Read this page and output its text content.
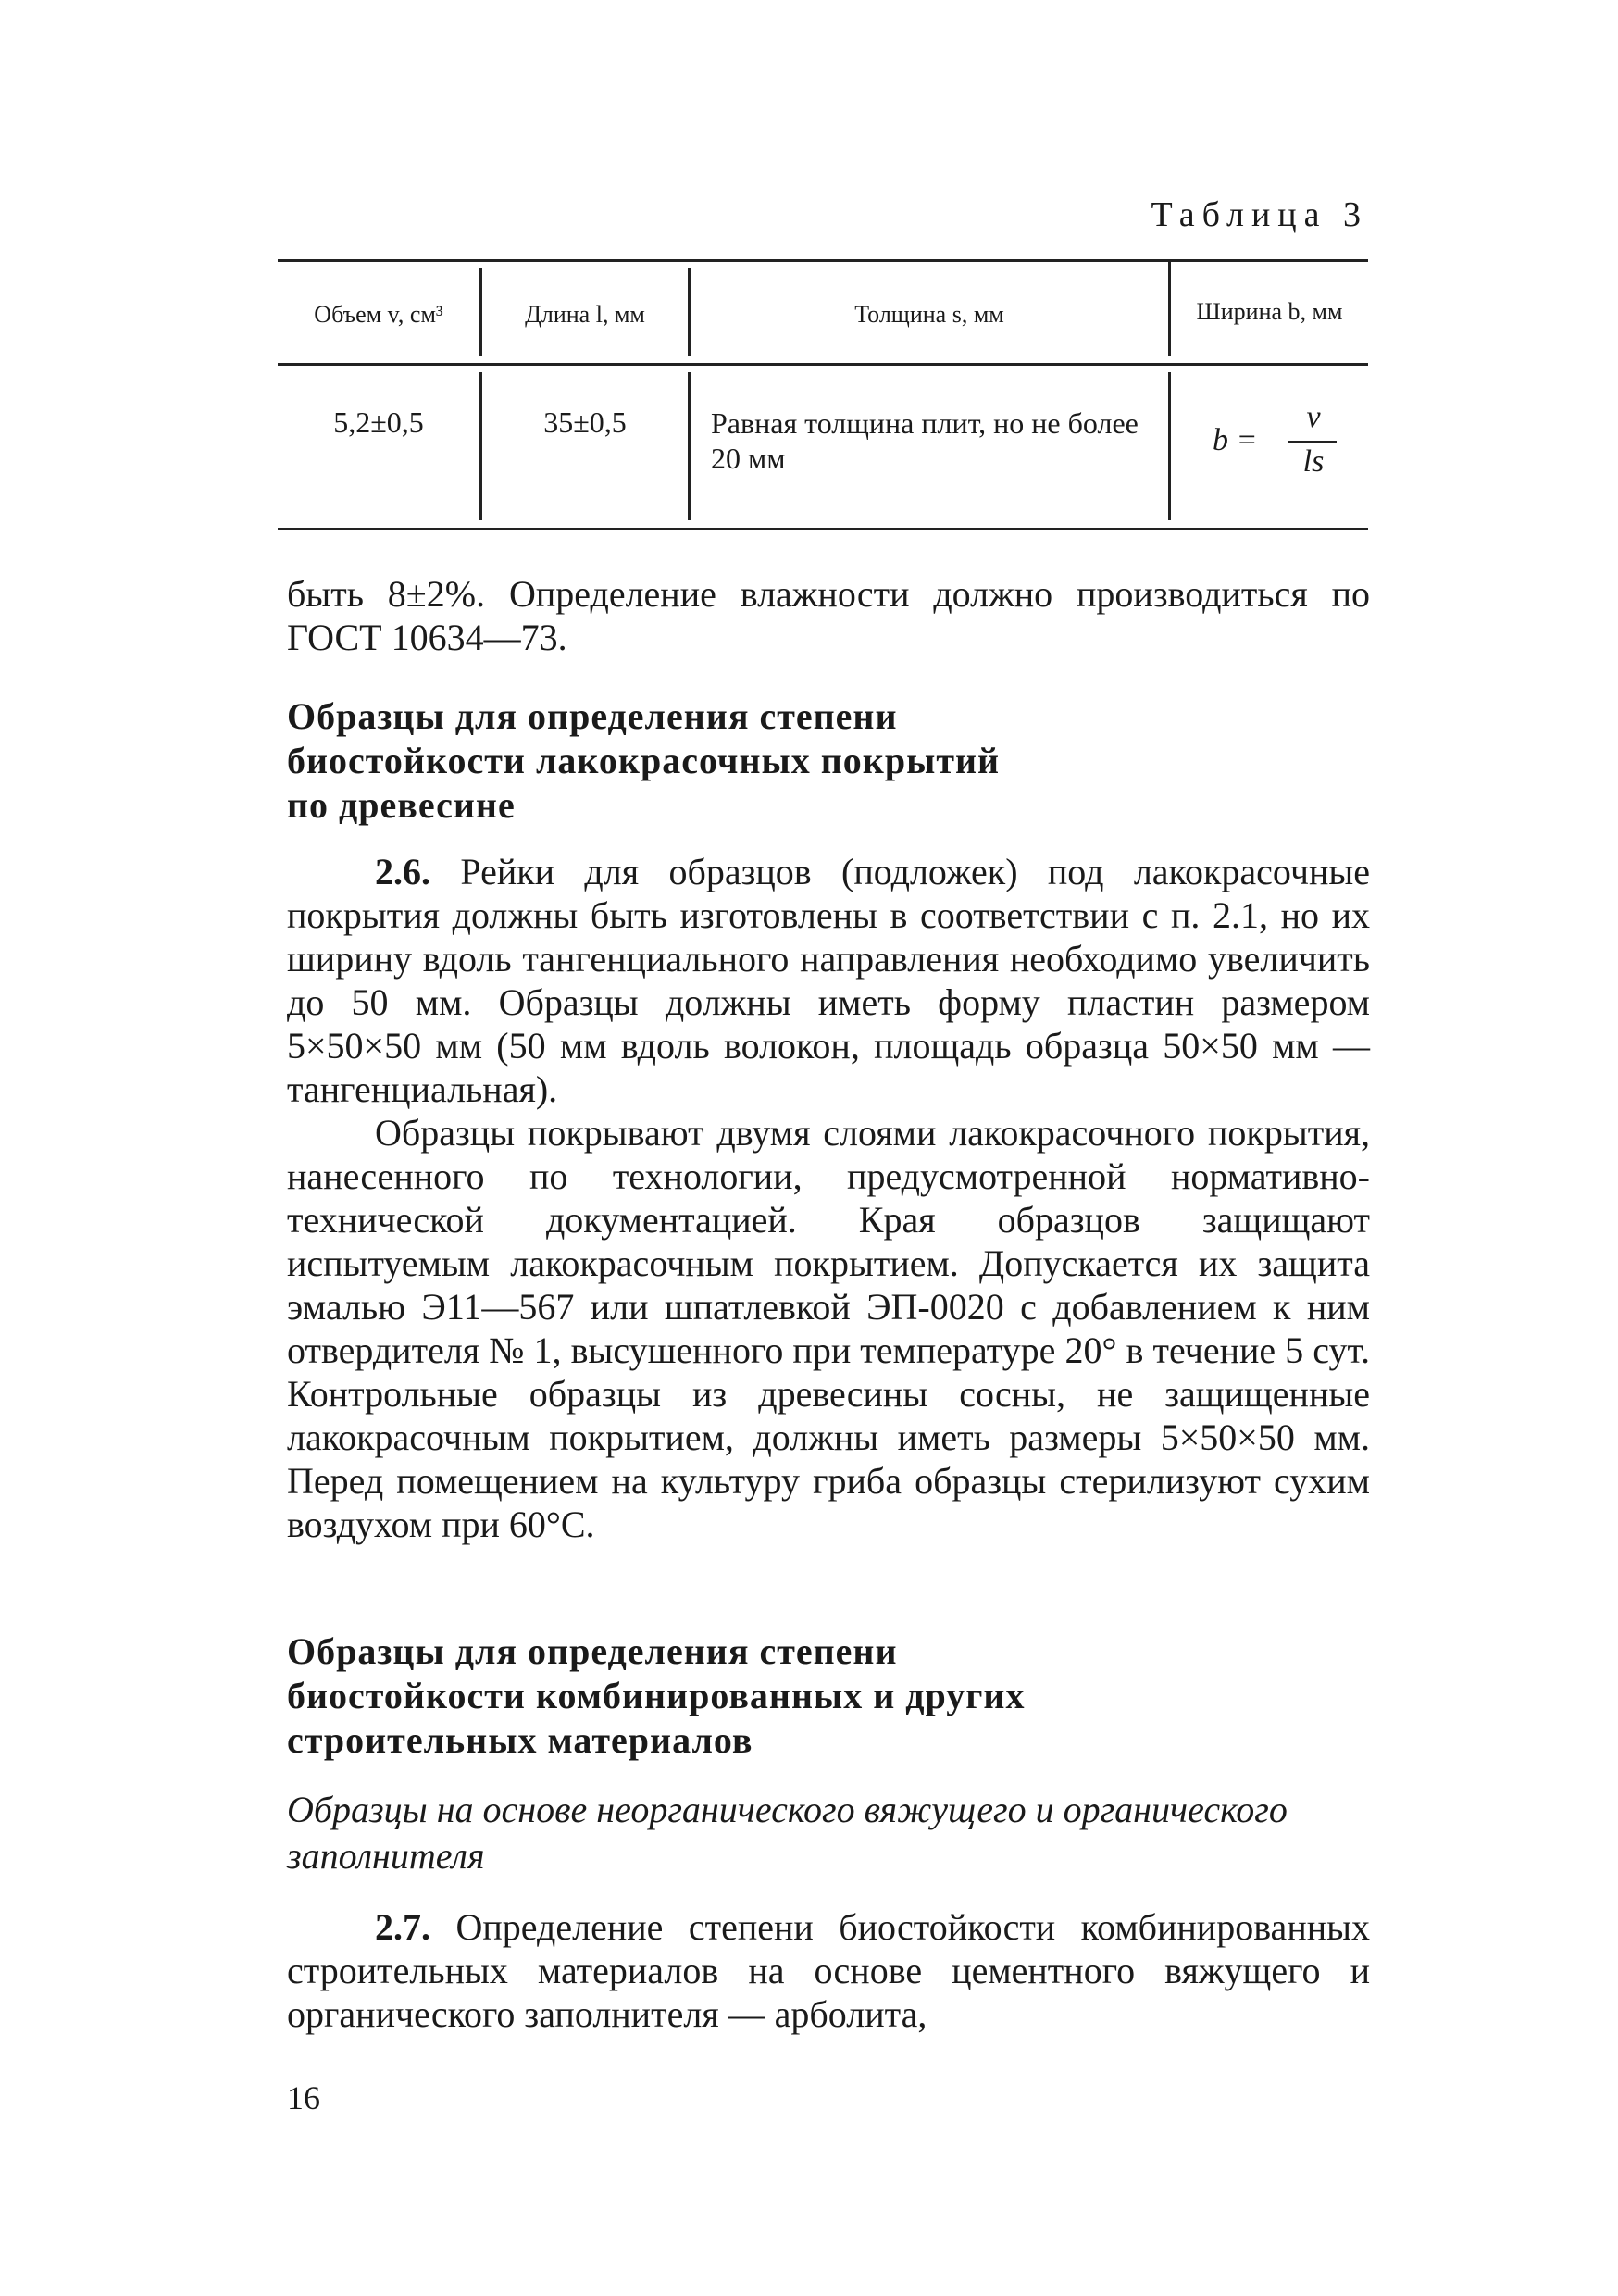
Таблица 3
Объем v, см³	Длина l, мм	Толщина s, мм	Ширина b, мм
5,2±0,5	35±0,5	Равная толщина плит, но не более 20 мм
b =
v
ls
быть 8±2%. Определение влажности должно производиться по ГОСТ 10634—73.
Образцы для определения степени
биостойкости лакокрасочных покрытий
по древесине

2.6. Рейки для образцов (подложек) под лакокрасочные покрытия должны быть изготовлены в соответствии с п. 2.1, но их ширину вдоль тангенциального направления необходимо увеличить до 50 мм. Образцы должны иметь форму пластин размером 5×50×50 мм (50 мм вдоль волокон, площадь образца 50×50 мм — тангенциальная).

Образцы покрывают двумя слоями лакокрасочного покрытия, нанесенного по технологии, предусмотренной нормативно-технической документацией. Края образцов защищают испытуемым лакокрасочным покрытием. Допускается их защита эмалью Э11—567 или шпатлевкой ЭП-0020 с добавлением к ним отвердителя № 1, высушенного при температуре 20° в течение 5 сут. Контрольные образцы из древесины сосны, не защищенные лакокрасочным покрытием, должны иметь размеры 5×50×50 мм. Перед помещением на культуру гриба образцы стерилизуют сухим воздухом при 60°С.

Образцы для определения степени
биостойкости комбинированных и других
строительных материалов
Образцы на основе неорганического вяжущего и органического заполнителя

2.7. Определение степени биостойкости комбинированных строительных материалов на основе цементного вяжущего и органического заполнителя — арболита,

16
